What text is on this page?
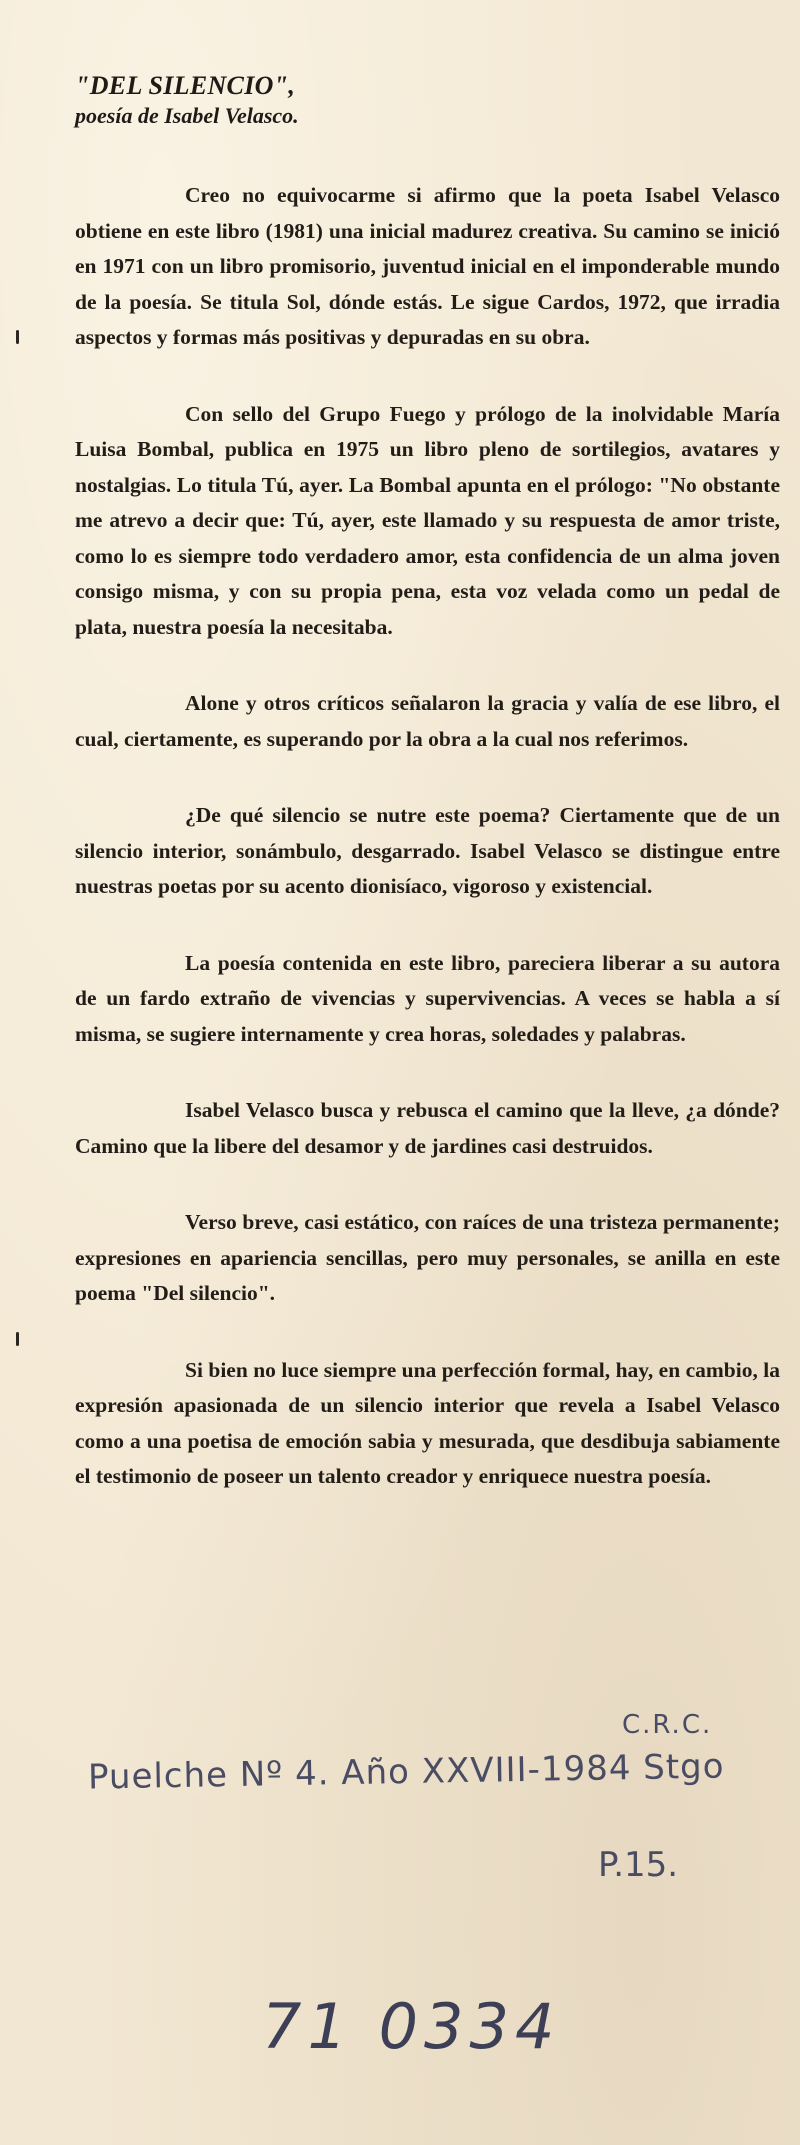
"DEL SILENCIO",
poesía de Isabel Velasco.

Creo no equivocarme si afirmo que la poeta Isabel Velasco obtiene en este libro (1981) una inicial madurez creativa. Su camino se inició en 1971 con un libro promisorio, juventud inicial en el imponderable mundo de la poesía. Se titula Sol, dónde estás. Le sigue Cardos, 1972, que irradia aspectos y formas más positivas y depuradas en su obra.

Con sello del Grupo Fuego y prólogo de la inolvidable María Luisa Bombal, publica en 1975 un libro pleno de sortilegios, avatares y nostalgias. Lo titula Tú, ayer. La Bombal apunta en el prólogo: "No obstante me atrevo a decir que: Tú, ayer, este llamado y su respuesta de amor triste, como lo es siempre todo verdadero amor, esta confidencia de un alma joven consigo misma, y con su propia pena, esta voz velada como un pedal de plata, nuestra poesía la necesitaba.

Alone y otros críticos señalaron la gracia y valía de ese libro, el cual, ciertamente, es superando por la obra a la cual nos referimos.

¿De qué silencio se nutre este poema? Ciertamente que de un silencio interior, sonámbulo, desgarrado. Isabel Velasco se distingue entre nuestras poetas por su acento dionisíaco, vigoroso y existencial.

La poesía contenida en este libro, pareciera liberar a su autora de un fardo extraño de vivencias y supervivencias. A veces se habla a sí misma, se sugiere internamente y crea horas, soledades y palabras.

Isabel Velasco busca y rebusca el camino que la lleve, ¿a dónde? Camino que la libere del desamor y de jardines casi destruidos.

Verso breve, casi estático, con raíces de una tristeza permanente; expresiones en apariencia sencillas, pero muy personales, se anilla en este poema "Del silencio".

Si bien no luce siempre una perfección formal, hay, en cambio, la expresión apasionada de un silencio interior que revela a Isabel Velasco como a una poetisa de emoción sabia y mesurada, que desdibuja sabiamente el testimonio de poseer un talento creador y enriquece nuestra poesía.

C.R.C.
Puelche Nº 4. Año XXVIII-1984 Stgo
P.15.
71 0334
